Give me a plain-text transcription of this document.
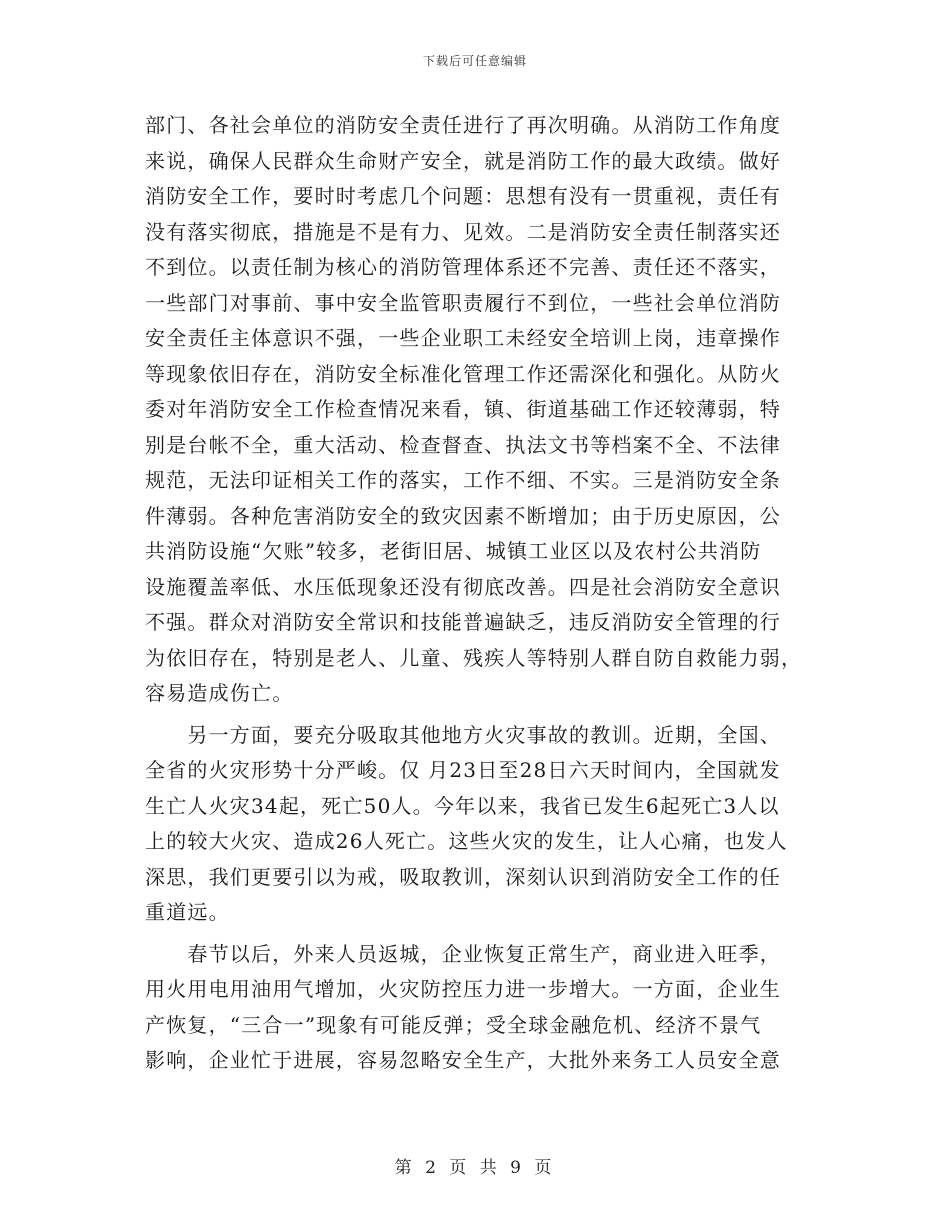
下载后可任意编辑
部门、各社会单位的消防安全责任进行了再次明确。从消防工作角度
来说，确保人民群众生命财产安全，就是消防工作的最大政绩。做好
消防安全工作，要时时考虑几个问题：思想有没有一贯重视，责任有
没有落实彻底，措施是不是有力、见效。二是消防安全责任制落实还
不到位。以责任制为核心的消防管理体系还不完善、责任还不落实，
一些部门对事前、事中安全监管职责履行不到位，一些社会单位消防
安全责任主体意识不强，一些企业职工未经安全培训上岗，违章操作
等现象依旧存在，消防安全标准化管理工作还需深化和强化。从防火
委对年消防安全工作检查情况来看，镇、街道基础工作还较薄弱，特
别是台帐不全，重大活动、检查督查、执法文书等档案不全、不法律
规范，无法印证相关工作的落实，工作不细、不实。三是消防安全条
件薄弱。各种危害消防安全的致灾因素不断增加；由于历史原因，公
共消防设施“欠账”较多，老街旧居、城镇工业区以及农村公共消防
设施覆盖率低、水压低现象还没有彻底改善。四是社会消防安全意识
不强。群众对消防安全常识和技能普遍缺乏，违反消防安全管理的行
为依旧存在，特别是老人、儿童、残疾人等特别人群自防自救能力弱，
容易造成伤亡。
　　另一方面，要充分吸取其他地方火灾事故的教训。近期，全国、
全省的火灾形势十分严峻。仅 月23日至28日六天时间内，全国就发
生亡人火灾34起，死亡50人。今年以来，我省已发生6起死亡3人以
上的较大火灾、造成26人死亡。这些火灾的发生，让人心痛，也发人
深思，我们更要引以为戒，吸取教训，深刻认识到消防安全工作的任
重道远。
　　春节以后，外来人员返城，企业恢复正常生产，商业进入旺季，
用火用电用油用气增加，火灾防控压力进一步增大。一方面，企业生
产恢复，“三合一”现象有可能反弹；受全球金融危机、经济不景气
影响，企业忙于进展，容易忽略安全生产，大批外来务工人员安全意
第 2 页 共 9 页
